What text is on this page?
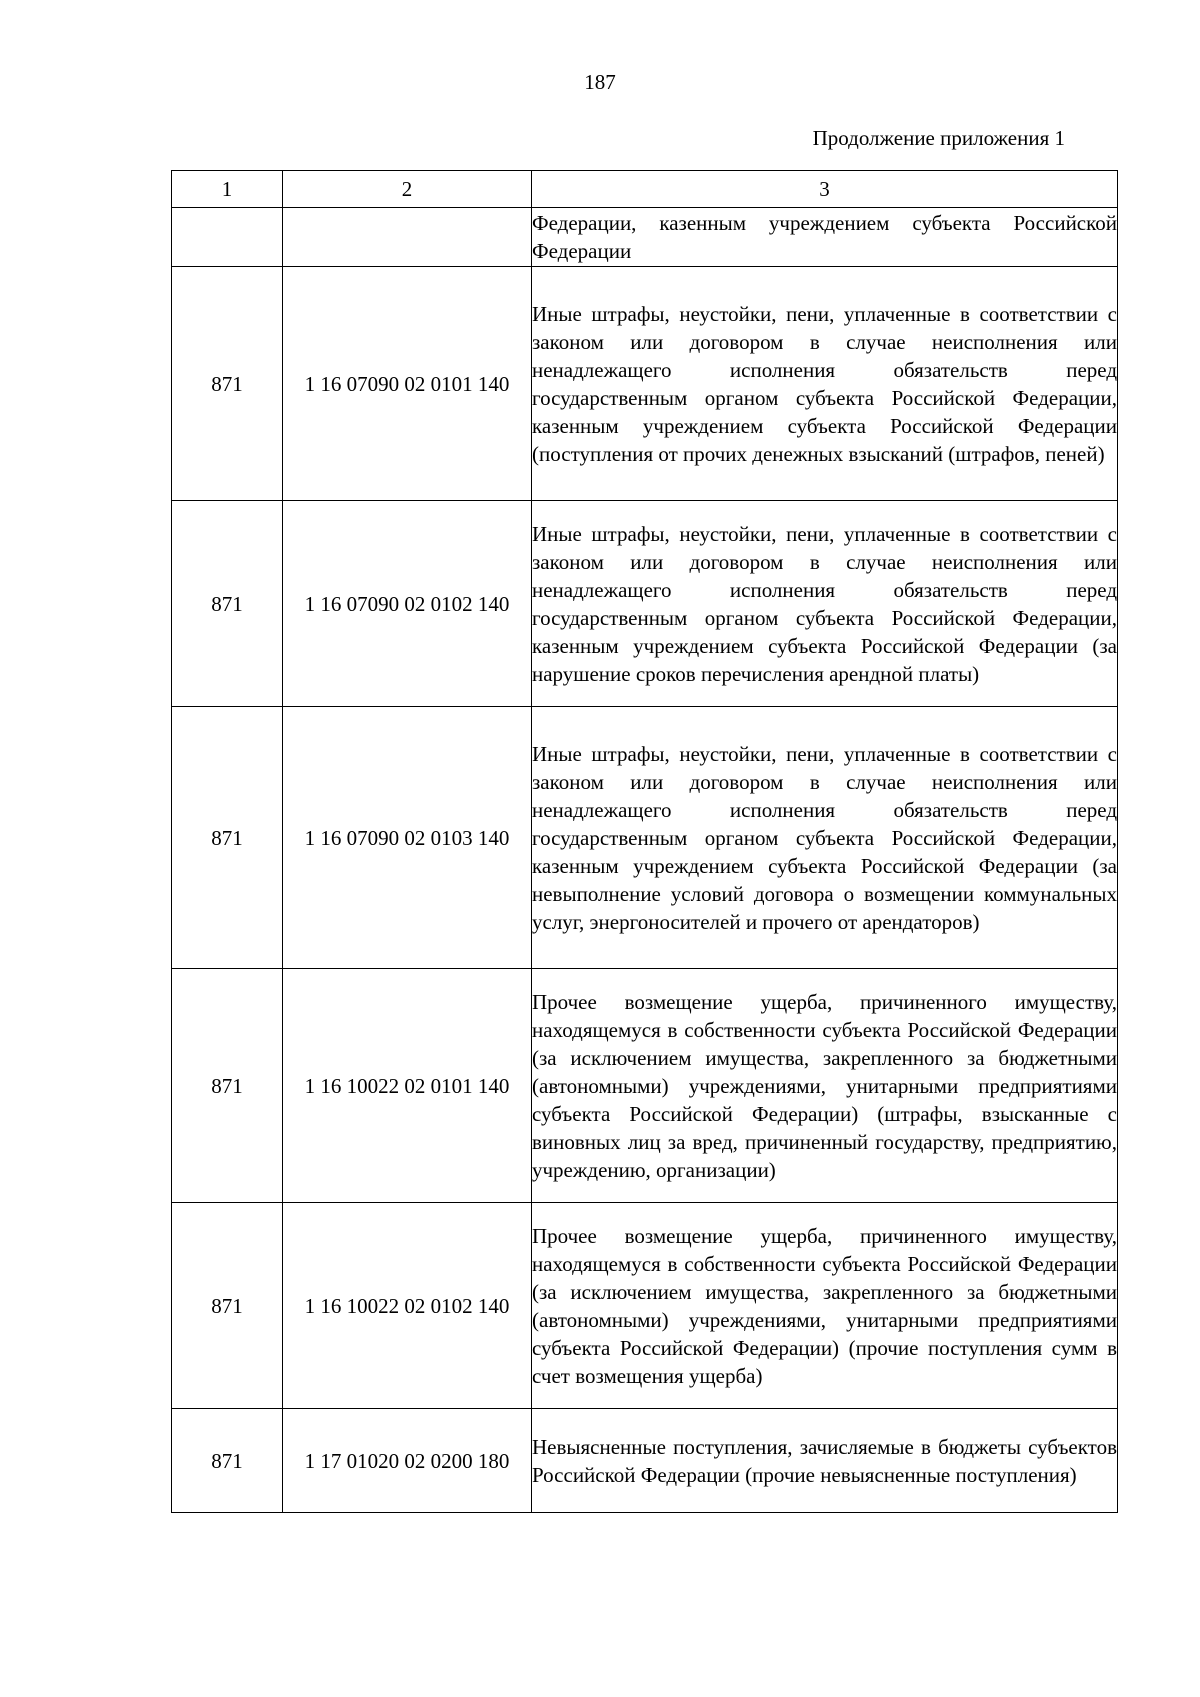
187
Продолжение приложения 1
1	2	3
		Федерации, казенным учреждением субъекта Российской Федерации
871	1 16 07090 02 0101 140	Иные штрафы, неустойки, пени, уплаченные в соответствии с законом или договором в случае неисполнения или ненадлежащего исполнения обязательств перед государственным органом субъекта Российской Федерации, казенным учреждением субъекта Российской Федерации (поступления от прочих денежных взысканий (штрафов, пеней)
871	1 16 07090 02 0102 140	Иные штрафы, неустойки, пени, уплаченные в соответствии с законом или договором в случае неисполнения или ненадлежащего исполнения обязательств перед государственным органом субъекта Российской Федерации, казенным учреждением субъекта Российской Федерации (за нарушение сроков перечисления арендной платы)
871	1 16 07090 02 0103 140	Иные штрафы, неустойки, пени, уплаченные в соответствии с законом или договором в случае неисполнения или ненадлежащего исполнения обязательств перед государственным органом субъекта Российской Федерации, казенным учреждением субъекта Российской Федерации (за невыполнение условий договора о возмещении коммунальных услуг, энергоносителей и прочего от арендаторов)
871	1 16 10022 02 0101 140	Прочее возмещение ущерба, причиненного имуществу, находящемуся в собственности субъекта Российской Федерации (за исключением имущества, закрепленного за бюджетными (автономными) учреждениями, унитарными предприятиями субъекта Российской Федерации) (штрафы, взысканные с виновных лиц за вред, причиненный государству, предприятию, учреждению, организации)
871	1 16 10022 02 0102 140	Прочее возмещение ущерба, причиненного имуществу, находящемуся в собственности субъекта Российской Федерации (за исключением имущества, закрепленного за бюджетными (автономными) учреждениями, унитарными предприятиями субъекта Российской Федерации) (прочие поступления сумм в счет возмещения ущерба)
871	1 17 01020 02 0200 180	Невыясненные поступления, зачисляемые в бюджеты субъектов Российской Федерации (прочие невыясненные поступления)
